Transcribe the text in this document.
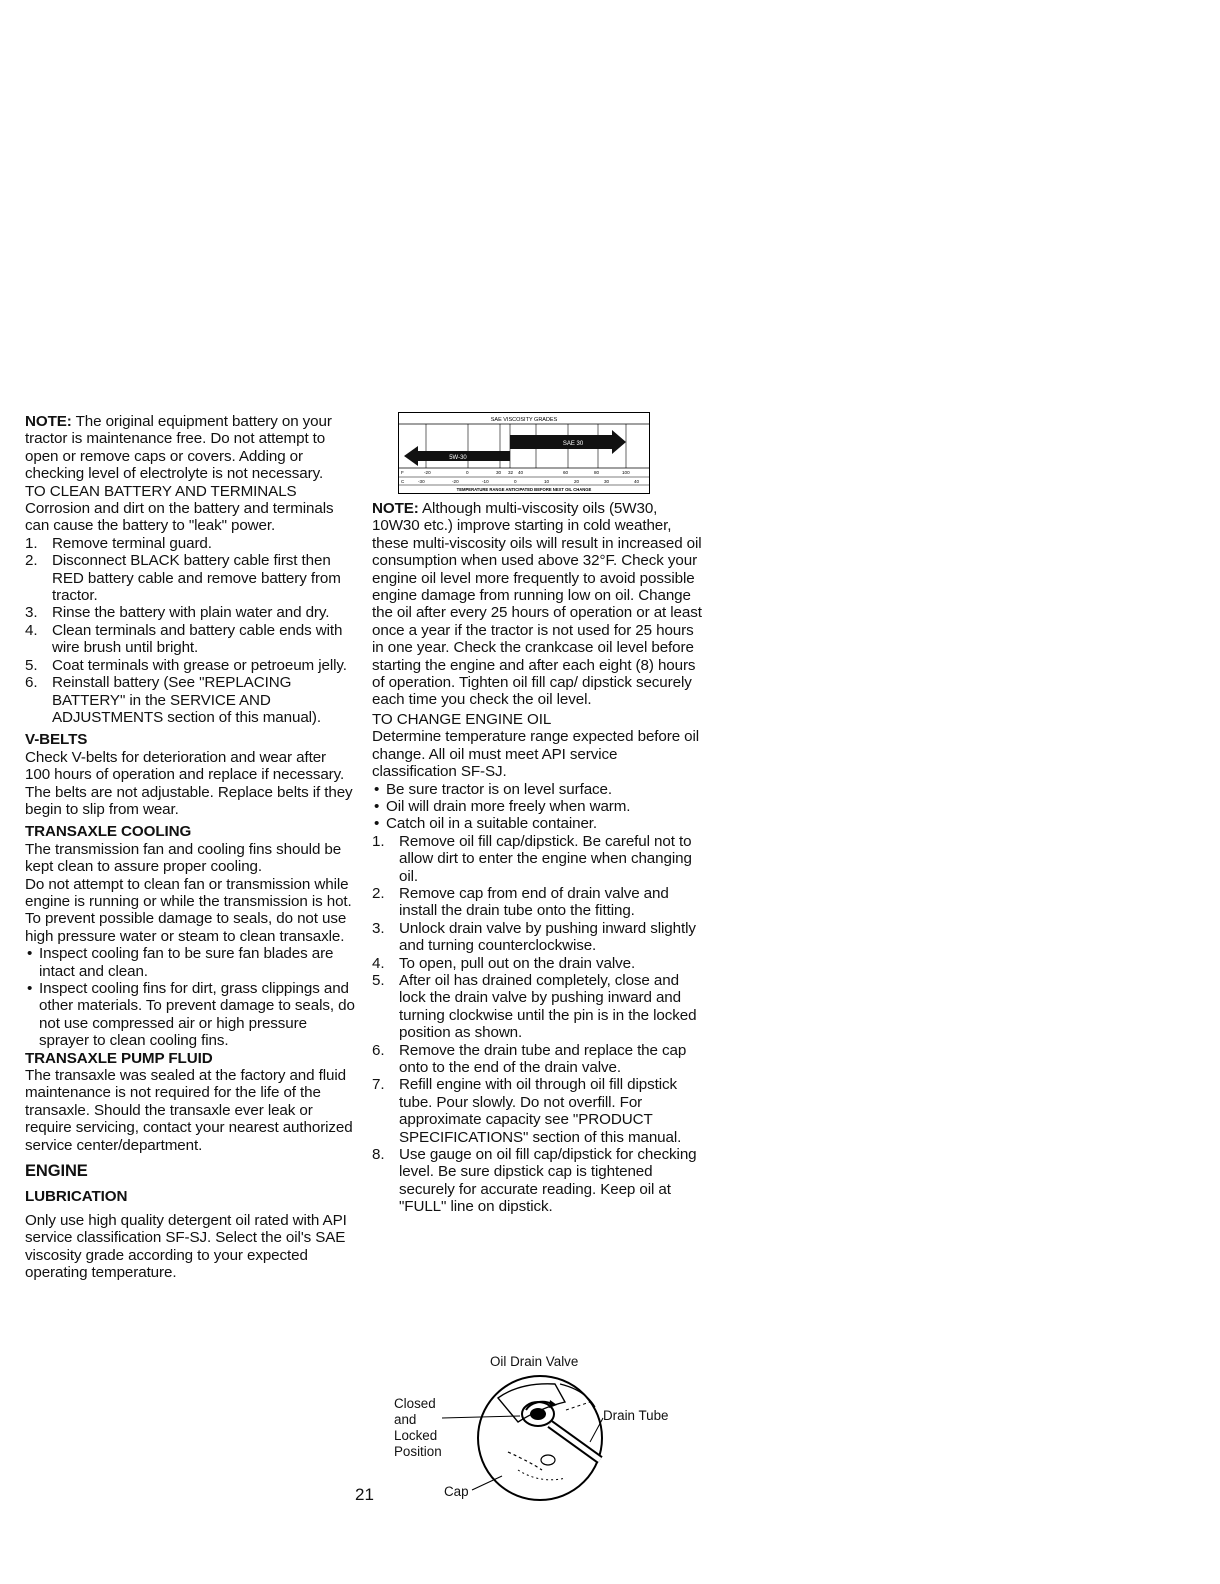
NOTE: The original equipment battery on your tractor is maintenance free. Do not attempt to open or remove caps or covers. Adding or checking level of electrolyte is not necessary.

TO CLEAN BATTERY AND TERMINALS

Corrosion and dirt on the battery and terminals can cause the battery to "leak" power.

1. Remove terminal guard.
2. Disconnect BLACK battery cable first then RED battery cable and remove battery from tractor.
3. Rinse the battery with plain water and dry.
4. Clean terminals and battery cable ends with wire brush until bright.
5. Coat terminals with grease or petroeum jelly.
6. Reinstall battery (See "REPLACING BATTERY" in the SERVICE AND ADJUSTMENTS section of this manual).

V-BELTS

Check V-belts for deterioration and wear after 100 hours of operation and replace if necessary. The belts are not adjustable. Replace belts if they begin to slip from wear.

TRANSAXLE COOLING

The transmission fan and cooling fins should be kept clean to assure proper cooling.

Do not attempt to clean fan or transmission while engine is running or while the transmission is hot. To prevent possible damage to seals, do not use high pressure water or steam to clean transaxle.

• Inspect cooling fan to be sure fan blades are intact and clean.
• Inspect cooling fins for dirt, grass clippings and other materials. To prevent damage to seals, do not use compressed air or high pressure sprayer to clean cooling fins.

TRANSAXLE PUMP FLUID

The transaxle was sealed at the factory and fluid maintenance is not required for the life of the transaxle. Should the transaxle ever leak or require servicing, contact your nearest authorized service center/department.

ENGINE

LUBRICATION

Only use high quality detergent oil rated with API service classification SF-SJ. Select the oil's SAE viscosity grade according to your expected operating temperature.

SAE VISCOSITY GRADES
SAE 30
5W-30
F	-20	0	30 32 40	60	80	100
C	-30	-20	-10	0	10	20	30	40
TEMPERATURE RANGE ANTICIPATED BEFORE NEXT OIL CHANGE

NOTE: Although multi-viscosity oils (5W30, 10W30 etc.) improve starting in cold weather, these multi-viscosity oils will result in increased oil consumption when used above 32°F. Check your engine oil level more frequently to avoid possible engine damage from running low on oil. Change the oil after every 25 hours of operation or at least once a year if the tractor is not used for 25 hours in one year. Check the crankcase oil level before starting the engine and after each eight (8) hours of operation. Tighten oil fill cap/ dipstick securely each time you check the oil level.

TO CHANGE ENGINE OIL

Determine temperature range expected before oil change. All oil must meet API service classification SF-SJ.

• Be sure tractor is on level surface.
• Oil will drain more freely when warm.
• Catch oil in a suitable container.
1. Remove oil fill cap/dipstick. Be careful not to allow dirt to enter the engine when changing oil.
2. Remove cap from end of drain valve and install the drain tube onto the fitting.
3. Unlock drain valve by pushing inward slightly and turning counterclockwise.
4. To open, pull out on the drain valve.
5. After oil has drained completely, close and lock the drain valve by pushing inward and turning clockwise until the pin is in the locked position as shown.
6. Remove the drain tube and replace the cap onto to the end of the drain valve.
7. Refill engine with oil through oil fill dipstick tube. Pour slowly. Do not overfill. For approximate capacity see "PRODUCT SPECIFICATIONS" section of this manual.
8. Use gauge on oil fill cap/dipstick for checking level. Be sure dipstick cap is tightened securely for accurate reading. Keep oil at "FULL" line on dipstick.
Oil Drain Valve
Closed
and
Locked
Position
Drain Tube
Cap
21
